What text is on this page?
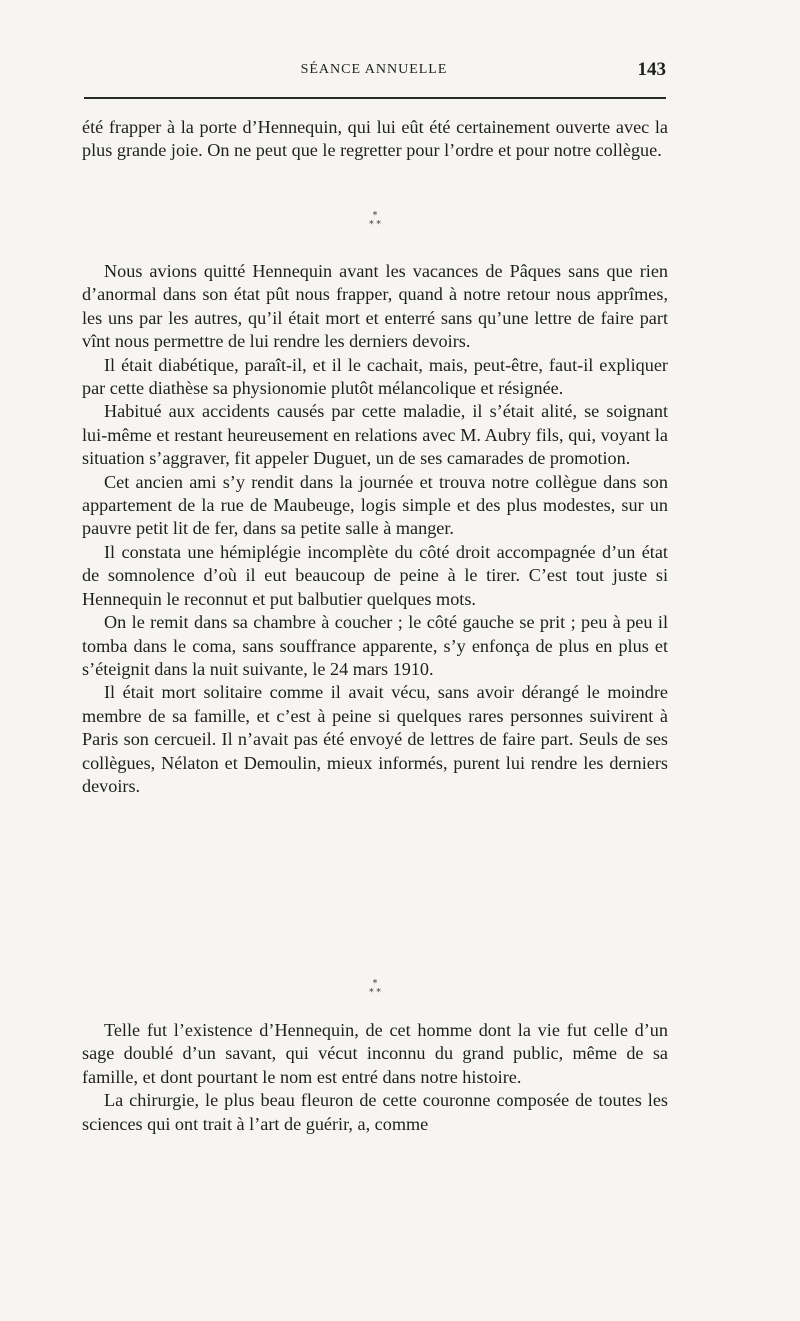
SÉANCE ANNUELLE	143

été frapper à la porte d’Hennequin, qui lui eût été certainement ouverte avec la plus grande joie. On ne peut que le regretter pour l’ordre et pour notre collègue.

*
* *

Nous avions quitté Hennequin avant les vacances de Pâques sans que rien d’anormal dans son état pût nous frapper, quand à notre retour nous apprîmes, les uns par les autres, qu’il était mort et enterré sans qu’une lettre de faire part vînt nous permettre de lui rendre les derniers devoirs.

Il était diabétique, paraît-il, et il le cachait, mais, peut-être, faut-il expliquer par cette diathèse sa physionomie plutôt mélancolique et résignée.

Habitué aux accidents causés par cette maladie, il s’était alité, se soignant lui-même et restant heureusement en relations avec M. Aubry fils, qui, voyant la situation s’aggraver, fit appeler Duguet, un de ses camarades de promotion.

Cet ancien ami s’y rendit dans la journée et trouva notre collègue dans son appartement de la rue de Maubeuge, logis simple et des plus modestes, sur un pauvre petit lit de fer, dans sa petite salle à manger.

Il constata une hémiplégie incomplète du côté droit accompagnée d’un état de somnolence d’où il eut beaucoup de peine à le tirer. C’est tout juste si Hennequin le reconnut et put balbutier quelques mots.

On le remit dans sa chambre à coucher ; le côté gauche se prit ; peu à peu il tomba dans le coma, sans souffrance apparente, s’y enfonça de plus en plus et s’éteignit dans la nuit suivante, le 24 mars 1910.

Il était mort solitaire comme il avait vécu, sans avoir dérangé le moindre membre de sa famille, et c’est à peine si quelques rares personnes suivirent à Paris son cercueil. Il n’avait pas été envoyé de lettres de faire part. Seuls de ses collègues, Nélaton et Demoulin, mieux informés, purent lui rendre les derniers devoirs.

*
* *

Telle fut l’existence d’Hennequin, de cet homme dont la vie fut celle d’un sage doublé d’un savant, qui vécut inconnu du grand public, même de sa famille, et dont pourtant le nom est entré dans notre histoire.

La chirurgie, le plus beau fleuron de cette couronne composée de toutes les sciences qui ont trait à l’art de guérir, a, comme
